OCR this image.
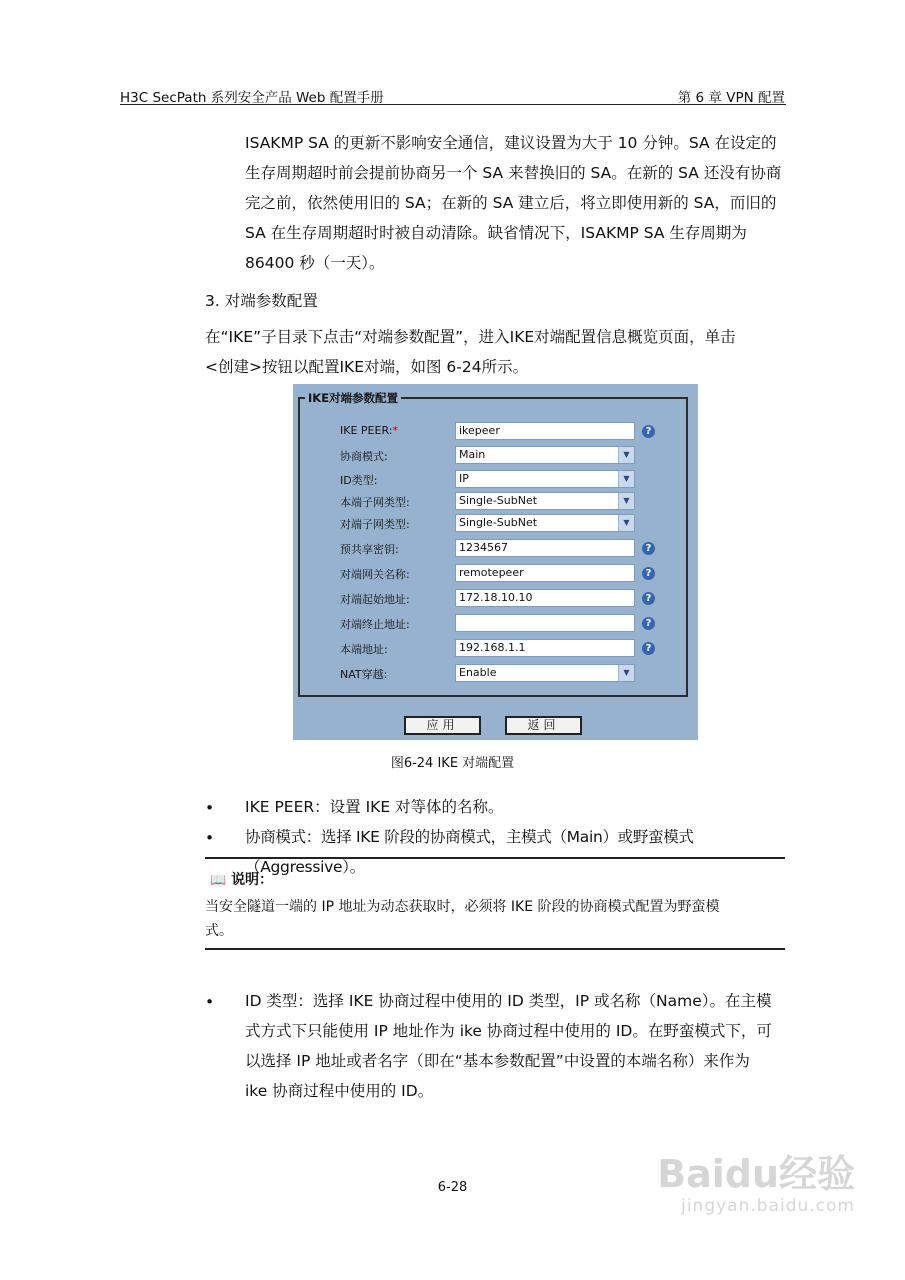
H3C SecPath 系列安全产品 Web 配置手册	第 6 章 VPN 配置
ISAKMP SA 的更新不影响安全通信，建议设置为大于 10 分钟。SA 在设定的
生存周期超时前会提前协商另一个 SA 来替换旧的 SA。在新的 SA 还没有协商
完之前，依然使用旧的 SA；在新的 SA 建立后，将立即使用新的 SA，而旧的
SA 在生存周期超时时被自动清除。缺省情况下，ISAKMP SA 生存周期为
86400 秒（一天）。
3. 对端参数配置
在“IKE”子目录下点击“对端参数配置”，进入IKE对端配置信息概览页面，单击
<创建>按钮以配置IKE对端，如图 6-24所示。
IKE对端参数配置
IKE PEER:*	ikepeer	?
协商模式:	Main	▼
ID类型:	IP	▼
本端子网类型:	Single-SubNet	▼
对端子网类型:	Single-SubNet	▼
预共享密钥:	1234567	?
对端网关名称:	remotepeer	?
对端起始地址:	172.18.10.10	?
对端终止地址:	?
本端地址:	192.168.1.1	?
NAT穿越:	Enable	▼
应用	返回
图6-24 IKE 对端配置
• IKE PEER：设置 IKE 对等体的名称。
• 协商模式：选择 IKE 阶段的协商模式，主模式（Main）或野蛮模式（Aggressive）。
📖 说明：
当安全隧道一端的 IP 地址为动态获取时，必须将 IKE 阶段的协商模式配置为野蛮模
式。
• ID 类型：选择 IKE 协商过程中使用的 ID 类型，IP 或名称（Name）。在主模
式方式下只能使用 IP 地址作为 ike 协商过程中使用的 ID。在野蛮模式下，可
以选择 IP 地址或者名字（即在“基本参数配置”中设置的本端名称）来作为
ike 协商过程中使用的 ID。
6-28	Baidu经验
jingyan.baidu.com
